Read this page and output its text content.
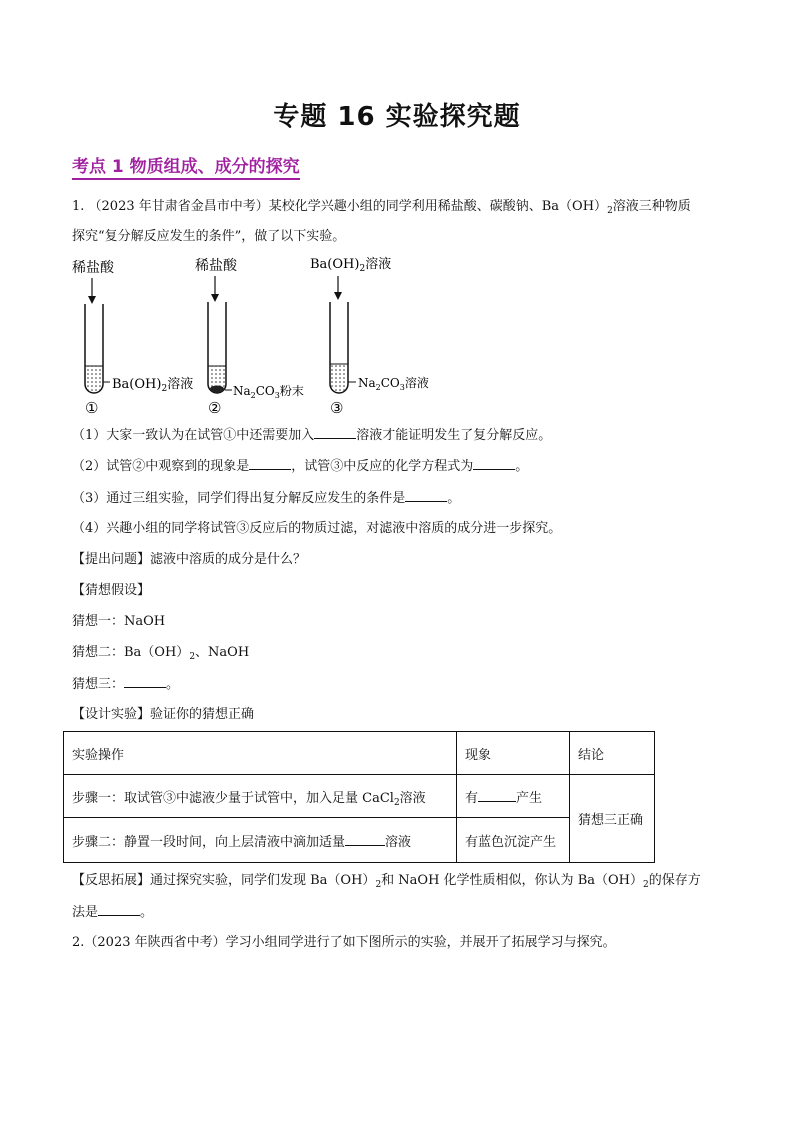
专题 16 实验探究题
考点 1 物质组成、成分的探究
1. （2023 年甘肃省金昌市中考）某校化学兴趣小组的同学利用稀盐酸、碳酸钠、$Ba(OH)_2$溶液三种物质
探究“复分解反应发生的条件”，做了以下实验。
稀盐酸
$Ba(OH)_2$溶液
①
稀盐酸
$Na_2CO_3$粉末
②
$Ba(OH)_2$溶液
$Na_2CO_3$溶液
③
（1）大家一致认为在试管①中还需要加入	溶液才能证明发生了复分解反应。
（2）试管②中观察到的现象是	，试管③中反应的化学方程式为	。
（3）通过三组实验，同学们得出复分解反应发生的条件是	。
（4）兴趣小组的同学将试管③反应后的物质过滤，对滤液中溶质的成分进一步探究。
【提出问题】滤液中溶质的成分是什么？
【猜想假设】
猜想一：NaOH
猜想二：$Ba(OH)_2$、NaOH
猜想三：	。
【设计实验】验证你的猜想正确
实验操作	现象	结论
步骤一：取试管③中滤液少量于试管中，加入足量 CaCl$_2$溶液	有 产生	猜想三正确
步骤二：静置一段时间，向上层清液中滴加适量 溶液	有蓝色沉淀产生	
【反思拓展】通过探究实验，同学们发现 $Ba(OH)_2$和 NaOH 化学性质相似，你认为 $Ba(OH)_2$的保存方
法是	。
2.（2023 年陕西省中考）学习小组同学进行了如下图所示的实验，并展开了拓展学习与探究。
